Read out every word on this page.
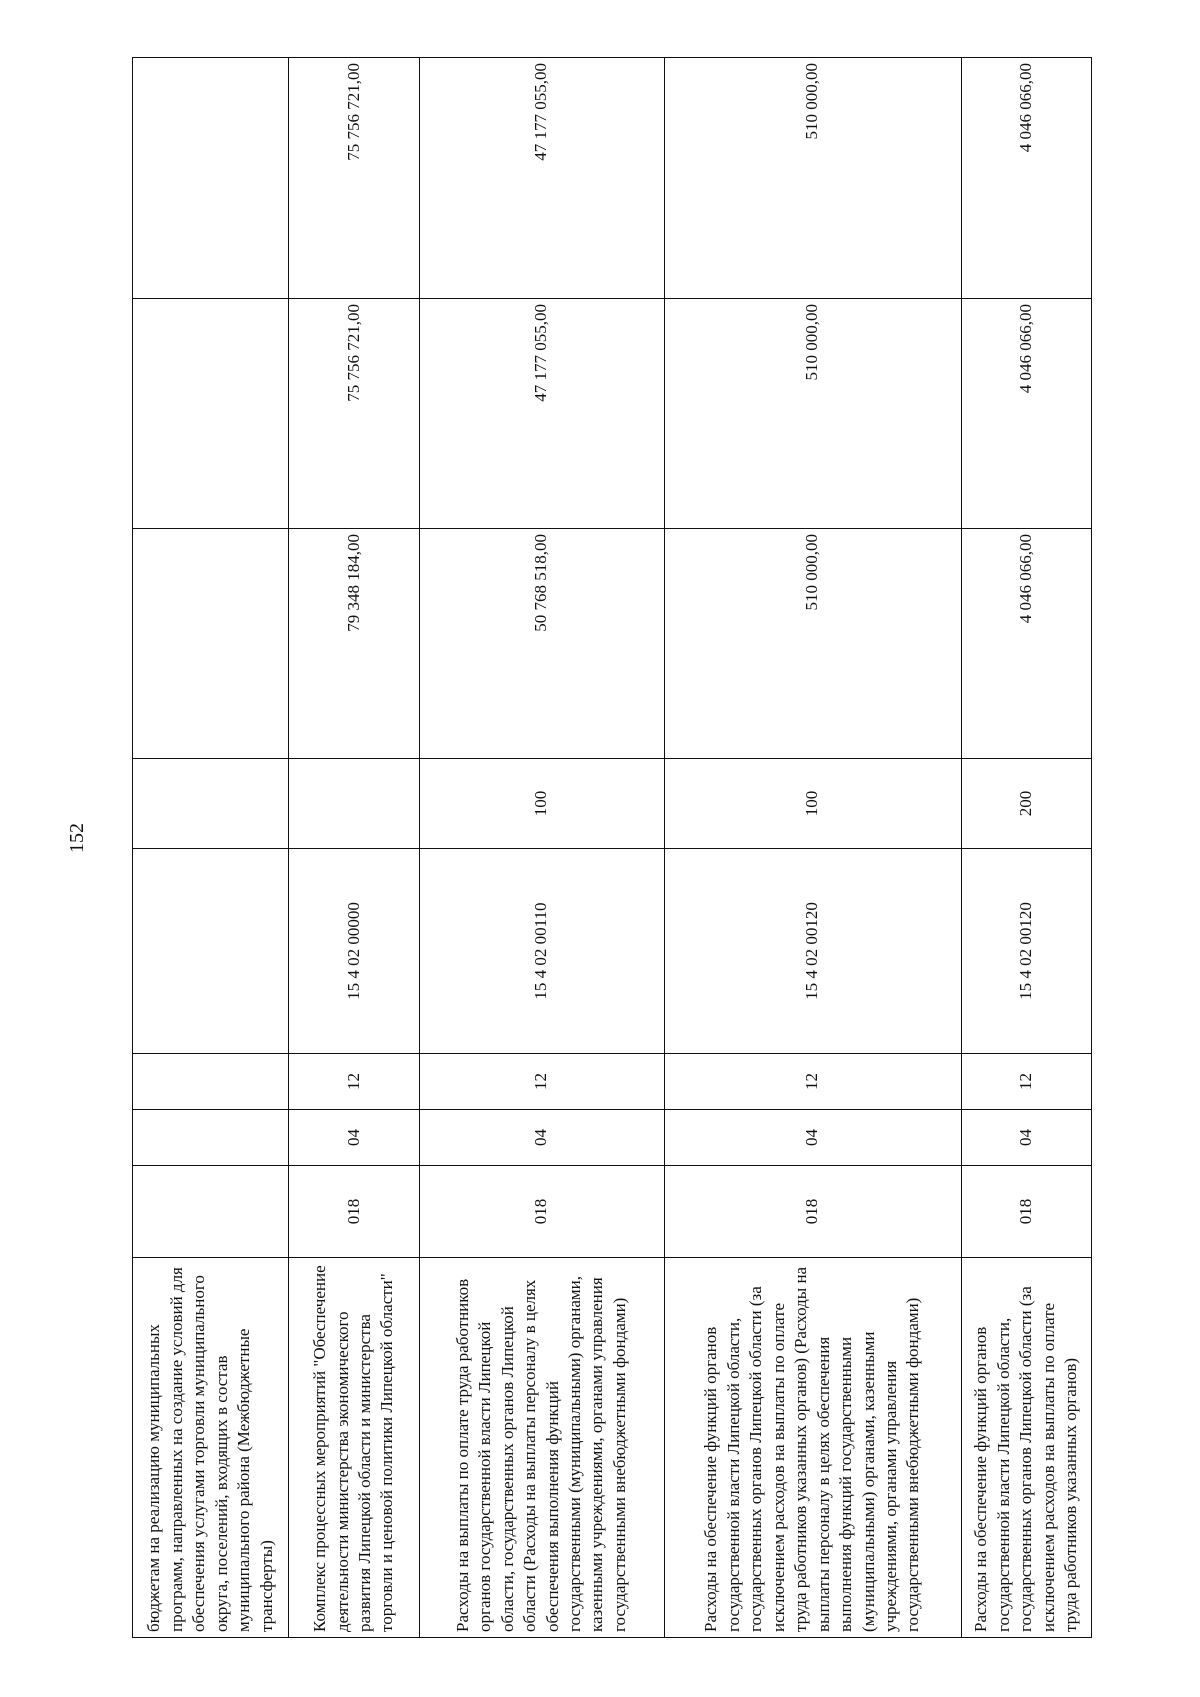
152
бюджетам на реализацию муниципальных программ, направленных на создание условий для обеспечения услугами торговли муниципального округа, поселений, входящих в состав муниципального района (Межбюджетные трансферты)								
Комплекс процессных мероприятий "Обеспечение деятельности министерства экономического развития Липецкой области и министерства торговли и ценовой политики Липецкой области"	018	04	12	15 4 02 00000		79 348 184,00	75 756 721,00	75 756 721,00
Расходы на выплаты по оплате труда работников органов государственной власти Липецкой области, государственных органов Липецкой области (Расходы на выплаты персоналу в целях обеспечения выполнения функций государственными (муниципальными) органами, казенными учреждениями, органами управления государственными внебюджетными фондами)	018	04	12	15 4 02 00110	100	50 768 518,00	47 177 055,00	47 177 055,00
Расходы на обеспечение функций органов государственной власти Липецкой области, государственных органов Липецкой области (за исключением расходов на выплаты по оплате труда работников указанных органов) (Расходы на выплаты персоналу в целях обеспечения выполнения функций государственными (муниципальными) органами, казенными учреждениями, органами управления государственными внебюджетными фондами)	018	04	12	15 4 02 00120	100	510 000,00	510 000,00	510 000,00
Расходы на обеспечение функций органов государственной власти Липецкой области, государственных органов Липецкой области (за исключением расходов на выплаты по оплате труда работников указанных органов)	018	04	12	15 4 02 00120	200	4 046 066,00	4 046 066,00	4 046 066,00
